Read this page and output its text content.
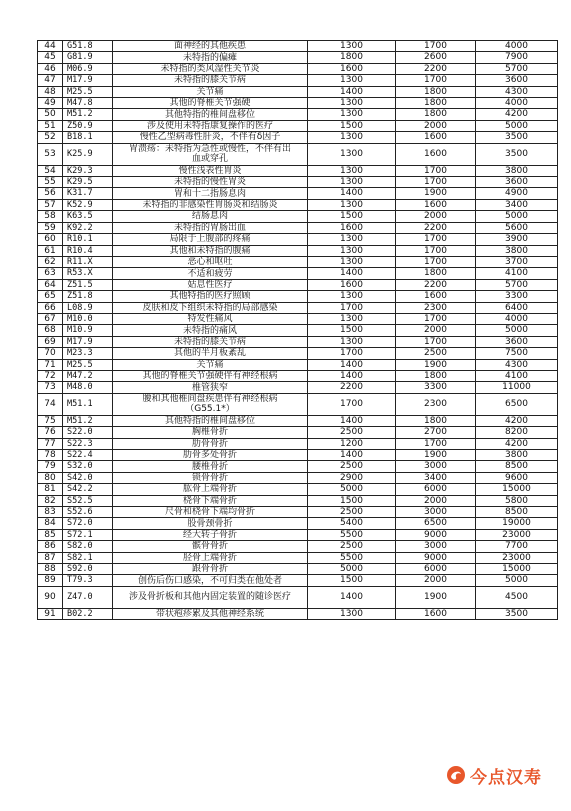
44	G51.8	面神经的其他疾患	1300	1700	4000
45	G81.9	未特指的偏瘫	1800	2600	7900
46	M06.9	未特指的类风湿性关节炎	1600	2200	5700
47	M17.9	未特指的膝关节病	1300	1700	3600
48	M25.5	关节痛	1400	1800	4300
49	M47.8	其他的脊椎关节强硬	1300	1800	4000
50	M51.2	其他特指的椎间盘移位	1300	1800	4200
51	Z50.9	涉及使用未特指康复操作的医疗	1500	2000	5000
52	B18.1	慢性乙型病毒性肝炎，不伴有δ因子	1300	1600	3500
53	K25.9	胃溃疡：未特指为急性或慢性，不伴有出血或穿孔	1300	1600	3500
54	K29.3	慢性浅表性胃炎	1300	1700	3800
55	K29.5	未特指的慢性胃炎	1300	1700	3600
56	K31.7	胃和十二指肠息肉	1400	1900	4900
57	K52.9	未特指的非感染性胃肠炎和结肠炎	1300	1600	3400
58	K63.5	结肠息肉	1500	2000	5000
59	K92.2	未特指的胃肠出血	1600	2200	5600
60	R10.1	局限于上腹部的疼痛	1300	1700	3900
61	R10.4	其他和未特指的腹痛	1300	1700	3800
62	R11.X	恶心和呕吐	1300	1700	3700
63	R53.X	不适和疲劳	1400	1800	4100
64	Z51.5	姑息性医疗	1600	2200	5700
65	Z51.8	其他特指的医疗照顾	1300	1600	3300
66	L08.9	皮肤和皮下组织未特指的局部感染	1700	2300	6400
67	M10.0	特发性痛风	1300	1700	4000
68	M10.9	未特指的痛风	1500	2000	5000
69	M17.9	未特指的膝关节病	1300	1700	3600
70	M23.3	其他的半月板紊乱	1700	2500	7500
71	M25.5	关节痛	1400	1900	4300
72	M47.2	其他的脊椎关节强硬伴有神经根病	1400	1800	4100
73	M48.0	椎管狭窄	2200	3300	11000
74	M51.1	腰和其他椎间盘疾患伴有神经根病（G55.1*）	1700	2300	6500
75	M51.2	其他特指的椎间盘移位	1400	1800	4200
76	S22.0	胸椎骨折	2500	2700	8200
77	S22.3	肋骨骨折	1200	1700	4200
78	S22.4	肋骨多处骨折	1400	1900	3800
79	S32.0	腰椎骨折	2500	3000	8500
80	S42.0	锁骨骨折	2900	3400	9600
81	S42.2	肱骨上端骨折	5000	6000	15000
82	S52.5	桡骨下端骨折	1500	2000	5800
83	S52.6	尺骨和桡骨下端均骨折	2500	3000	8500
84	S72.0	股骨颈骨折	5400	6500	19000
85	S72.1	经大转子骨折	5500	9000	23000
86	S82.0	髌骨骨折	2500	3000	7700
87	S82.1	胫骨上端骨折	5500	9000	23000
88	S92.0	跟骨骨折	5000	6000	15000
89	T79.3	创伤后伤口感染，不可归类在他处者	1500	2000	5000
90	Z47.0	涉及骨折板和其他内固定装置的随诊医疗	1400	1900	4500
91	B02.2	带状疱疹累及其他神经系统	1300	1600	3500
今点汉寿
